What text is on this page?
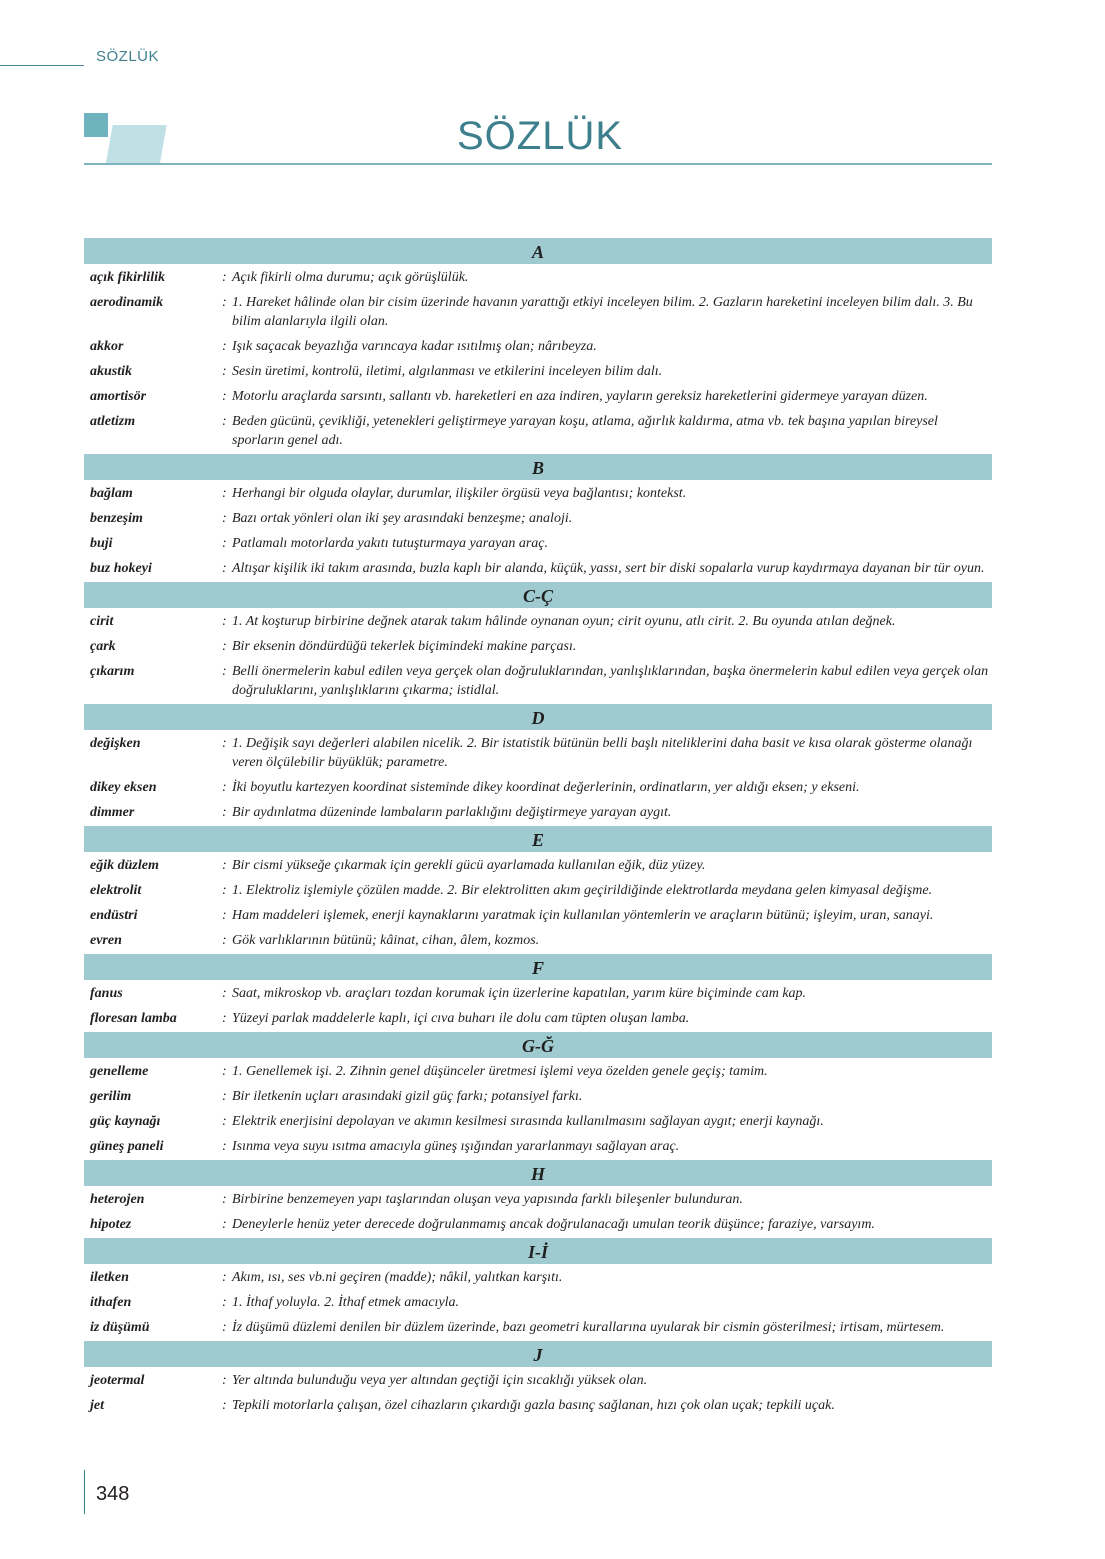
SÖZLÜK
SÖZLÜK
A
açık fikirlilik	: Açık fikirli olma durumu; açık görüşlülük.
aerodinamik	: 1. Hareket hâlinde olan bir cisim üzerinde havanın yarattığı etkiyi inceleyen bilim. 2. Gazların hareketini inceleyen bilim dalı. 3. Bu bilim alanlarıyla ilgili olan.
akkor	: Işık saçacak beyazlığa varıncaya kadar ısıtılmış olan; nârıbeyza.
akustik	: Sesin üretimi, kontrolü, iletimi, algılanması ve etkilerini inceleyen bilim dalı.
amortisör	: Motorlu araçlarda sarsıntı, sallantı vb. hareketleri en aza indiren, yayların gereksiz hareketlerini gidermeye yarayan düzen.
atletizm	: Beden gücünü, çevikliği, yetenekleri geliştirmeye yarayan koşu, atlama, ağırlık kaldırma, atma vb. tek başına yapılan bireysel sporların genel adı.
B
bağlam	: Herhangi bir olguda olaylar, durumlar, ilişkiler örgüsü veya bağlantısı; kontekst.
benzeşim	: Bazı ortak yönleri olan iki şey arasındaki benzeşme; analoji.
buji	: Patlamalı motorlarda yakıtı tutuşturmaya yarayan araç.
buz hokeyi	: Altışar kişilik iki takım arasında, buzla kaplı bir alanda, küçük, yassı, sert bir diski sopalarla vurup kaydırmaya dayanan bir tür oyun.
C-Ç
cirit	: 1. At koşturup birbirine değnek atarak takım hâlinde oynanan oyun; cirit oyunu, atlı cirit. 2. Bu oyunda atılan değnek.
çark	: Bir eksenin döndürdüğü tekerlek biçimindeki makine parçası.
çıkarım	: Belli önermelerin kabul edilen veya gerçek olan doğruluklarından, yanlışlıklarından, başka önermelerin kabul edilen veya gerçek olan doğruluklarını, yanlışlıklarını çıkarma; istidlal.
D
değişken	: 1. Değişik sayı değerleri alabilen nicelik. 2. Bir istatistik bütünün belli başlı niteliklerini daha basit ve kısa olarak gösterme olanağı veren ölçülebilir büyüklük; parametre.
dikey eksen	: İki boyutlu kartezyen koordinat sisteminde dikey koordinat değerlerinin, ordinatların, yer aldığı eksen; y ekseni.
dimmer	: Bir aydınlatma düzeninde lambaların parlaklığını değiştirmeye yarayan aygıt.
E
eğik düzlem	: Bir cismi yükseğe çıkarmak için gerekli gücü ayarlamada kullanılan eğik, düz yüzey.
elektrolit	: 1. Elektroliz işlemiyle çözülen madde. 2. Bir elektrolitten akım geçirildiğinde elektrotlarda meydana gelen kimyasal değişme.
endüstri	: Ham maddeleri işlemek, enerji kaynaklarını yaratmak için kullanılan yöntemlerin ve araçların bütünü; işleyim, uran, sanayi.
evren	: Gök varlıklarının bütünü; kâinat, cihan, âlem, kozmos.
F
fanus	: Saat, mikroskop vb. araçları tozdan korumak için üzerlerine kapatılan, yarım küre biçiminde cam kap.
floresan lamba	: Yüzeyi parlak maddelerle kaplı, içi cıva buharı ile dolu cam tüpten oluşan lamba.
G-Ğ
genelleme	: 1. Genellemek işi. 2. Zihnin genel düşünceler üretmesi işlemi veya özelden genele geçiş; tamim.
gerilim	: Bir iletkenin uçları arasındaki gizil güç farkı; potansiyel farkı.
güç kaynağı	: Elektrik enerjisini depolayan ve akımın kesilmesi sırasında kullanılmasını sağlayan aygıt; enerji kaynağı.
güneş paneli	: Isınma veya suyu ısıtma amacıyla güneş ışığından yararlanmayı sağlayan araç.
H
heterojen	: Birbirine benzemeyen yapı taşlarından oluşan veya yapısında farklı bileşenler bulunduran.
hipotez	: Deneylerle henüz yeter derecede doğrulanmamış ancak doğrulanacağı umulan teorik düşünce; faraziye, varsayım.
I-İ
iletken	: Akım, ısı, ses vb.ni geçiren (madde); nâkil, yalıtkan karşıtı.
ithafen	: 1. İthaf yoluyla. 2. İthaf etmek amacıyla.
iz düşümü	: İz düşümü düzlemi denilen bir düzlem üzerinde, bazı geometri kurallarına uyularak bir cismin gösterilmesi; irtisam, mürtesem.
J
jeotermal	: Yer altında bulunduğu veya yer altından geçtiği için sıcaklığı yüksek olan.
jet	: Tepkili motorlarla çalışan, özel cihazların çıkardığı gazla basınç sağlanan, hızı çok olan uçak; tepkili uçak.
348
